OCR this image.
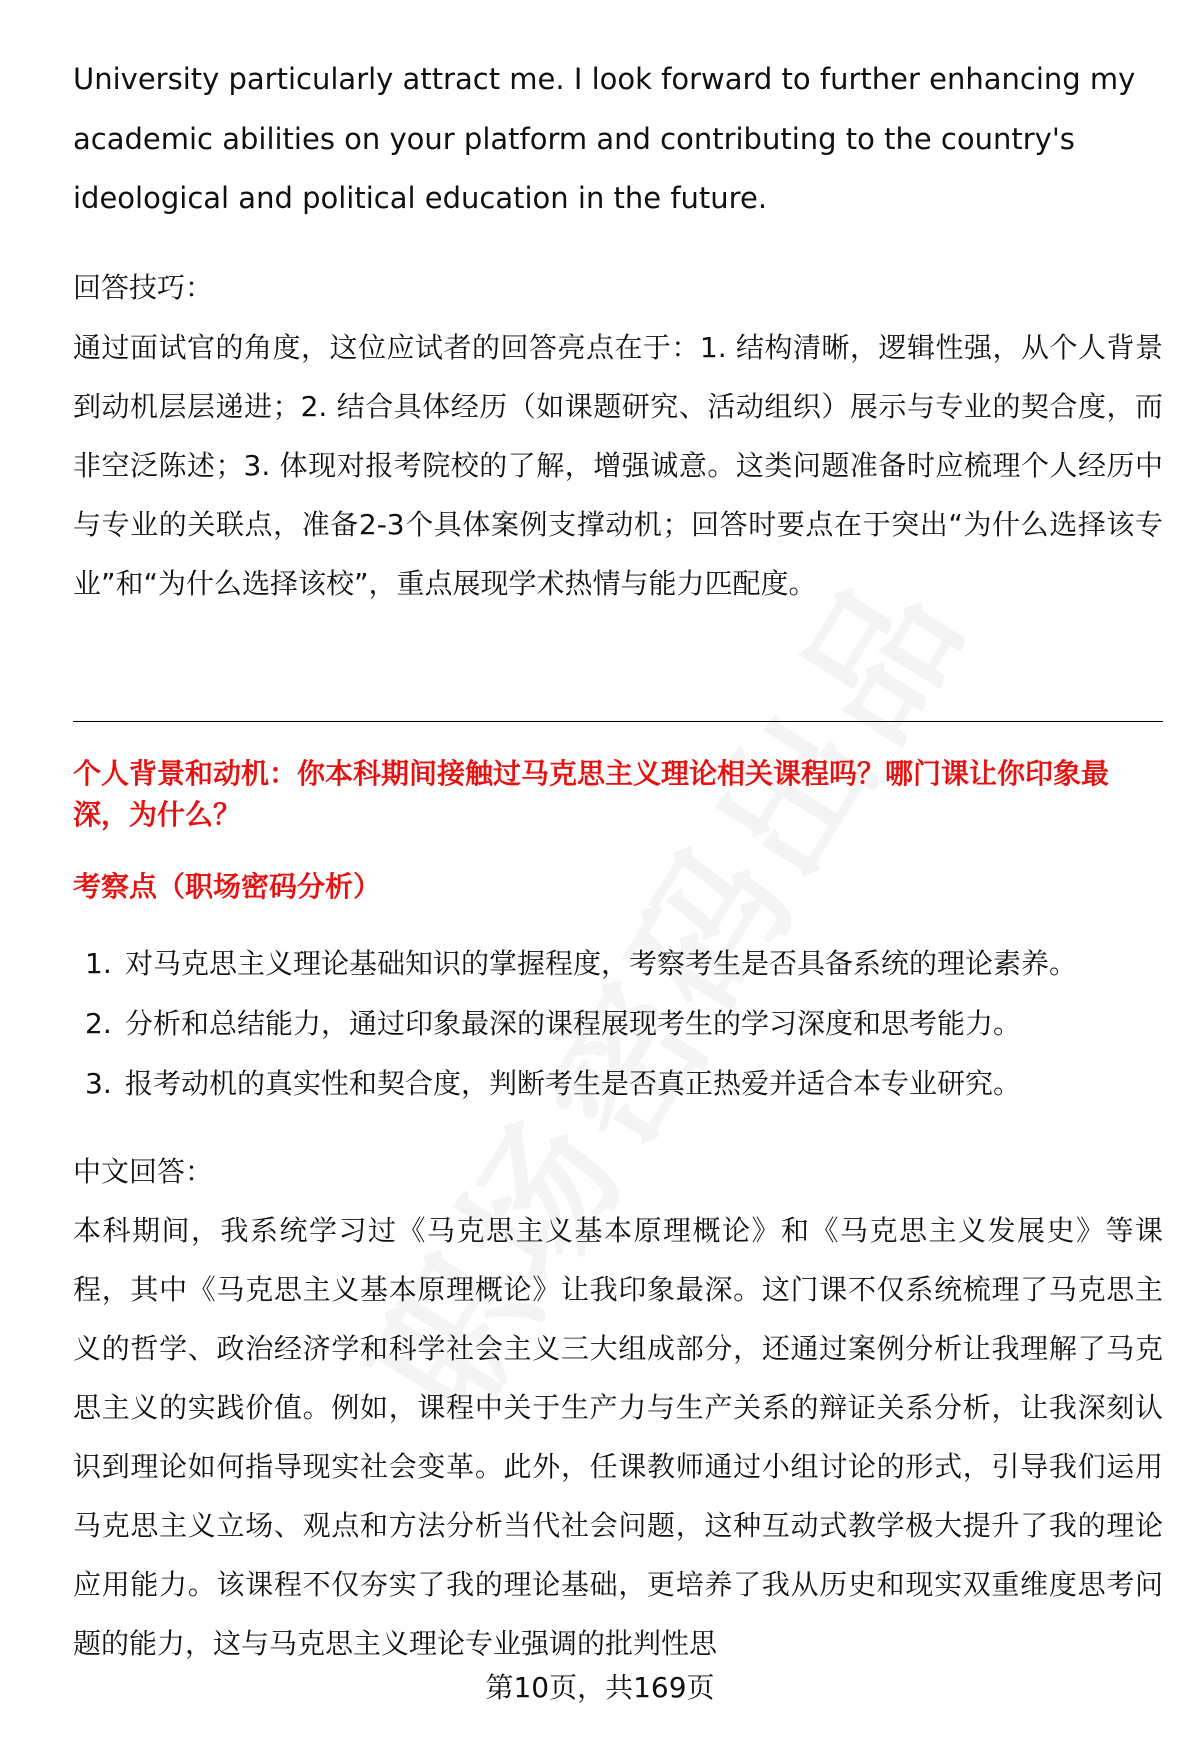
University particularly attract me. I look forward to further enhancing my academic abilities on your platform and contributing to the country's ideological and political education in the future.

回答技巧：

通过面试官的角度，这位应试者的回答亮点在于：1. 结构清晰，逻辑性强，从个人背景到动机层层递进；2. 结合具体经历（如课题研究、活动组织）展示与专业的契合度，而非空泛陈述；3. 体现对报考院校的了解，增强诚意。这类问题准备时应梳理个人经历中与专业的关联点，准备2-3个具体案例支撑动机；回答时要点在于突出“为什么选择该专业”和“为什么选择该校”，重点展现学术热情与能力匹配度。

个人背景和动机：你本科期间接触过马克思主义理论相关课程吗？哪门课让你印象最深，为什么？
考察点（职场密码分析）
1. 对马克思主义理论基础知识的掌握程度，考察考生是否具备系统的理论素养。
2. 分析和总结能力，通过印象最深的课程展现考生的学习深度和思考能力。
3. 报考动机的真实性和契合度，判断考生是否真正热爱并适合本专业研究。
中文回答：

本科期间，我系统学习过《马克思主义基本原理概论》和《马克思主义发展史》等课程，其中《马克思主义基本原理概论》让我印象最深。这门课不仅系统梳理了马克思主义的哲学、政治经济学和科学社会主义三大组成部分，还通过案例分析让我理解了马克思主义的实践价值。例如，课程中关于生产力与生产关系的辩证关系分析，让我深刻认识到理论如何指导现实社会变革。此外，任课教师通过小组讨论的形式，引导我们运用马克思主义立场、观点和方法分析当代社会问题，这种互动式教学极大提升了我的理论应用能力。该课程不仅夯实了我的理论基础，更培养了我从历史和现实双重维度思考问题的能力，这与马克思主义理论专业强调的批判性思

第10页，共169页
